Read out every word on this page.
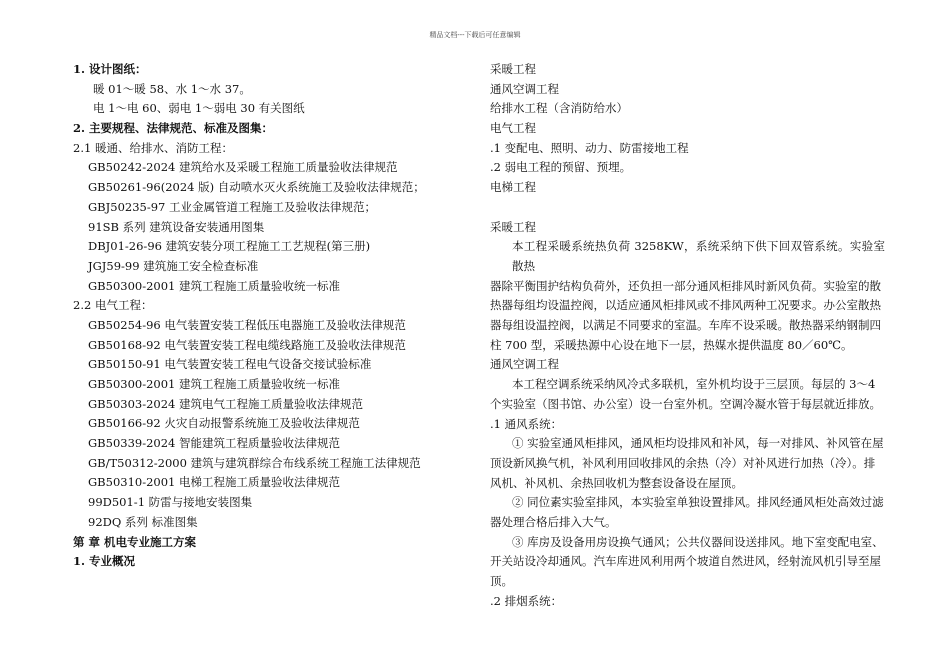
精品文档---下载后可任意编辑
1. 设计图纸：
暖 01～暖 58、水 1～水 37。
电 1～电 60、弱电 1～弱电 30 有关图纸
2. 主要规程、法律规范、标准及图集：
2.1 暖通、给排水、消防工程：
GB50242-2024 建筑给水及采暖工程施工质量验收法律规范
GB50261-96(2024 版) 自动喷水灭火系统施工及验收法律规范；
GBJ50235-97 工业金属管道工程施工及验收法律规范；
91SB 系列 建筑设备安装通用图集
DBJ01-26-96 建筑安装分项工程施工工艺规程(第三册)
JGJ59-99 建筑施工安全检查标准
GB50300-2001 建筑工程施工质量验收统一标准
2.2 电气工程：
GB50254-96 电气装置安装工程低压电器施工及验收法律规范
GB50168-92 电气装置安装工程电缆线路施工及验收法律规范
GB50150-91 电气装置安装工程电气设备交接试验标准
GB50300-2001 建筑工程施工质量验收统一标准
GB50303-2024 建筑电气工程施工质量验收法律规范
GB50166-92 火灾自动报警系统施工及验收法律规范
GB50339-2024 智能建筑工程质量验收法律规范
GB/T50312-2000 建筑与建筑群综合布线系统工程施工法律规范
GB50310-2001 电梯工程施工质量验收法律规范
99D501-1 防雷与接地安装图集
92DQ 系列 标准图集
第 章 机电专业施工方案
1. 专业概况
采暖工程
通风空调工程
给排水工程（含消防给水）
电气工程
.1 变配电、照明、动力、防雷接地工程
.2 弱电工程的预留、预埋。
电梯工程
采暖工程
本工程采暖系统热负荷 3258KW，系统采纳下供下回双管系统。实验室散热
器除平衡围护结构负荷外，还负担一部分通风柜排风时新风负荷。实验室的散
热器每组均设温控阀，以适应通风柜排风或不排风两种工况要求。办公室散热
器每组设温控阀，以满足不同要求的室温。车库不设采暖。散热器采纳钢制四
柱 700 型，采暖热源中心设在地下一层，热媒水提供温度 80／60℃。
通风空调工程
本工程空调系统采纳风冷式多联机，室外机均设于三层顶。每层的 3～4
个实验室（图书馆、办公室）设一台室外机。空调冷凝水管于每层就近排放。
.1 通风系统：
① 实验室通风柜排风，通风柜均设排风和补风，每一对排风、补风管在屋
顶设新风换气机，补风利用回收排风的余热（冷）对补风进行加热（冷）。排
风机、补风机、余热回收机为整套设备设在屋顶。
② 同位素实验室排风，本实验室单独设置排风。排风经通风柜处高效过滤
器处理合格后排入大气。
③ 库房及设备用房设换气通风；公共仪器间设送排风。地下室变配电室、
开关站设冷却通风。汽车库进风利用两个坡道自然进风，经射流风机引导至屋
顶。
.2 排烟系统：
